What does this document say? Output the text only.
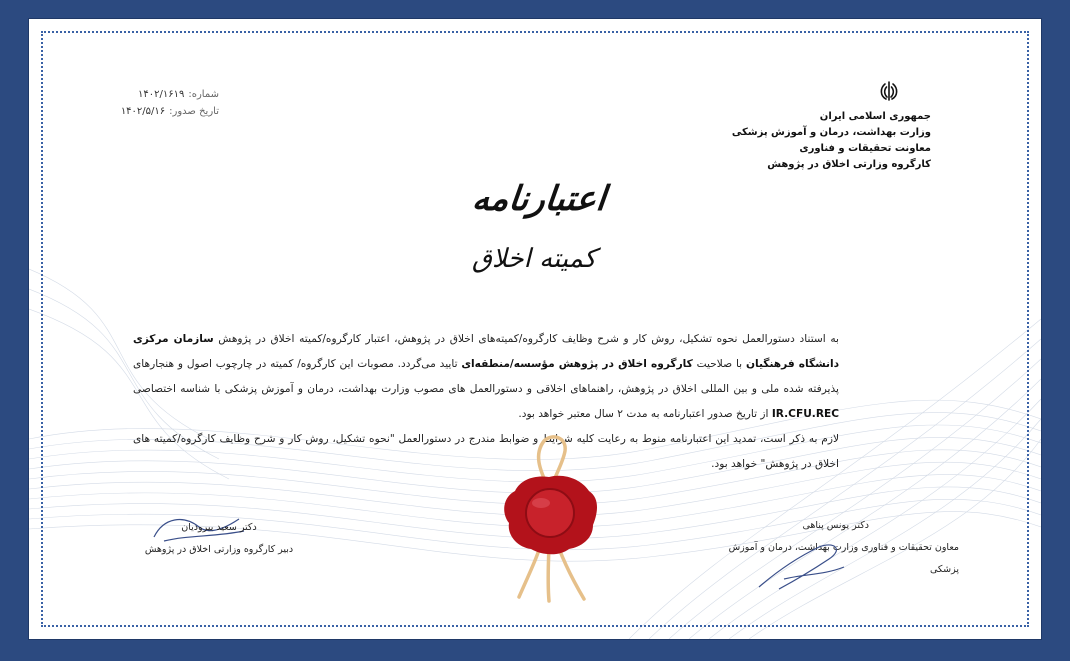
شماره:
۱۴۰۲/۱۶۱۹
تاریخ صدور:
۱۴۰۲/۵/۱۶	جمهوری اسلامی ایران
وزارت بهداشت، درمان و آموزش پزشکی
معاونت تحقیقات و فناوری
کارگروه وزارتی اخلاق در پژوهش
اعتبارنامه
کمیته اخلاق
به استناد دستورالعمل نحوه تشکیل، روش کار و شرح وظایف کارگروه/کمیته‌های اخلاق در پژوهش، اعتبار کارگروه/کمیته اخلاق در پژوهش سازمان مرکزی دانشگاه فرهنگیان با صلاحیت کارگروه اخلاق در پژوهش مؤسسه/منطقه‌ای تایید می‌گردد. مصوبات این کارگروه/ کمیته در چارچوب اصول و هنجارهای پذیرفته شده ملی و بین المللی اخلاق در پژوهش، راهنماهای اخلاقی و دستورالعمل های مصوب وزارت بهداشت، درمان و آموزش پزشکی با شناسه اختصاصی IR.CFU.REC از تاریخ صدور اعتبارنامه به مدت ۲ سال معتبر خواهد بود.
لازم به ذکر است، تمدید این اعتبارنامه منوط به رعایت کلیه شرایط و ضوابط مندرج در دستورالعمل "نحوه تشکیل، روش کار و شرح وظایف کارگروه/کمیته های اخلاق در پژوهش" خواهد بود.
دکتر سعید بیرودیان
دبیر کارگروه وزارتی اخلاق در پژوهش
دکتر یونس پناهی
معاون تحقیقات و فناوری وزارت بهداشت، درمان و آموزش پزشکی
